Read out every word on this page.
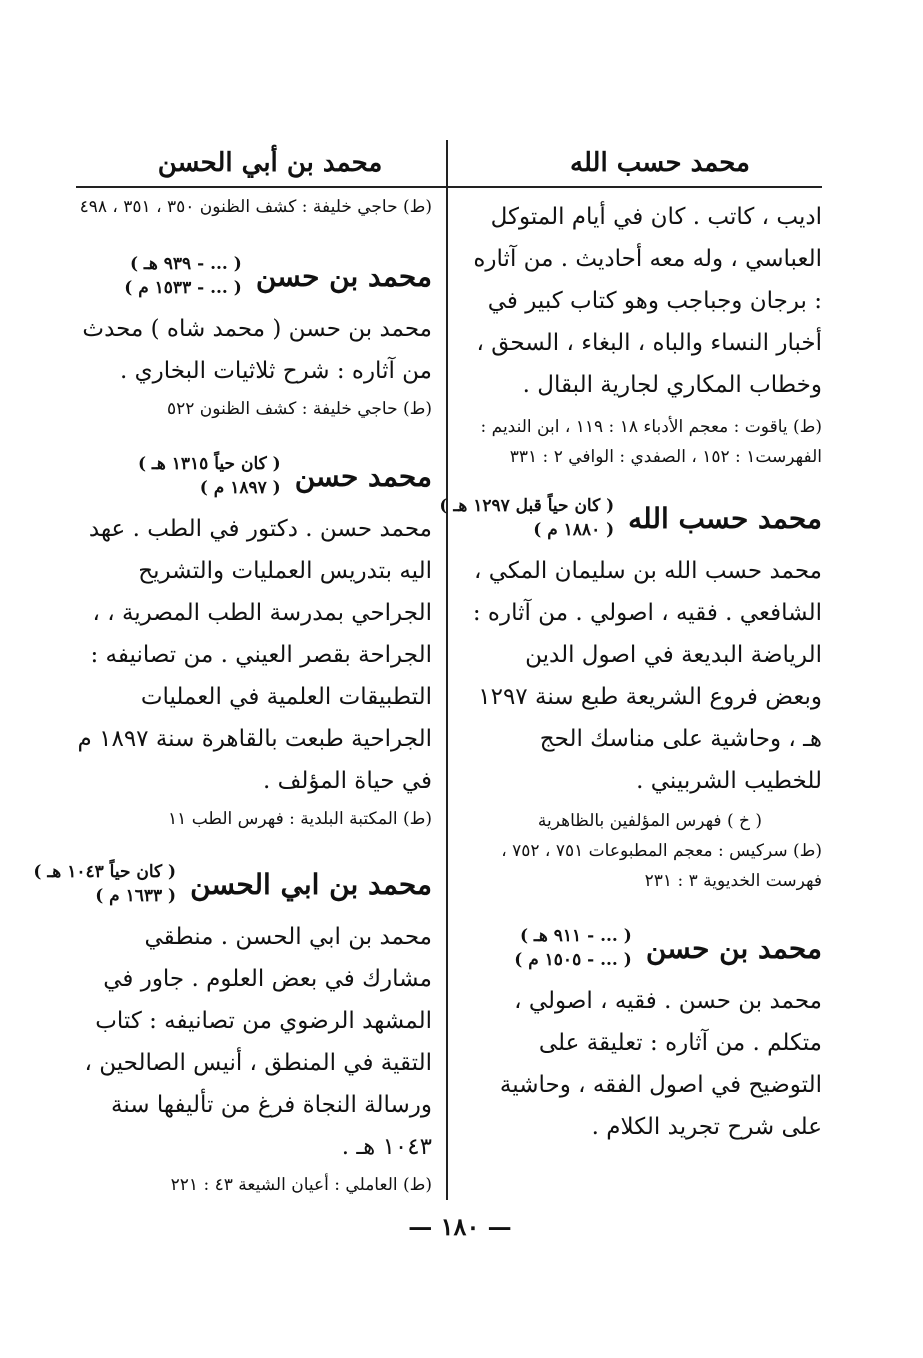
محمد حسب الله
محمد بن أبي الحسن

اديب ، كاتب . كان في أيام المتوكل العباسي ، وله معه أحاديث . من آثاره : برجان وجباجب وهو كتاب كبير في أخبار النساء والباه ، البغاء ، السحق ، وخطاب المكاري لجارية البقال .

(ط) ياقوت : معجم الأدباء ١٨ : ١١٩ ، ابن النديم : الفهرست١ : ١٥٢ ، الصفدي : الوافي ٢ : ٣٣١

محمد حسب الله
( كان حياً قبل ١٢٩٧ هـ )
( ١٨٨٠ م )

محمد حسب الله بن سليمان المكي ، الشافعي . فقيه ، اصولي . من آثاره : الرياضة البديعة في اصول الدين وبعض فروع الشريعة طبع سنة ١٢٩٧ هـ ، وحاشية على مناسك الحج للخطيب الشربيني .

( خ ) فهرس المؤلفين بالظاهرية

(ط) سركيس : معجم المطبوعات ٧٥١ ، ٧٥٢ ، فهرست الخديوية ٣ : ٢٣١

محمد بن حسن
( ... - ٩١١ هـ )
( ... - ١٥٠٥ م )

محمد بن حسن . فقيه ، اصولي ، متكلم . من آثاره : تعليقة على التوضيح في اصول الفقه ، وحاشية على شرح تجريد الكلام .

(ط) حاجي خليفة : كشف الظنون ٣٥٠ ، ٣٥١ ، ٤٩٨

محمد بن حسن
( ... - ٩٣٩ هـ )
( ... - ١٥٣٣ م )

محمد بن حسن ( محمد شاه ) محدث من آثاره : شرح ثلاثيات البخاري .

(ط) حاجي خليفة : كشف الظنون ٥٢٢

محمد حسن
( كان حياً ١٣١٥ هـ )
( ١٨٩٧ م )

محمد حسن . دكتور في الطب . عهد اليه بتدريس العمليات والتشريح الجراحي بمدرسة الطب المصرية ، ، الجراحة بقصر العيني . من تصانيفه : التطبيقات العلمية في العمليات الجراحية طبعت بالقاهرة سنة ١٨٩٧ م في حياة المؤلف .

(ط) المكتبة البلدية : فهرس الطب ١١

محمد بن ابي الحسن
( كان حياً ١٠٤٣ هـ )
( ١٦٣٣ م )

محمد بن ابي الحسن . منطقي مشارك في بعض العلوم . جاور في المشهد الرضوي من تصانيفه : كتاب التقية في المنطق ، أنيس الصالحين ، ورسالة النجاة فرغ من تأليفها سنة ١٠٤٣ هـ .

(ط) العاملي : أعيان الشيعة ٤٣ : ٢٢١

— ١٨٠ —
